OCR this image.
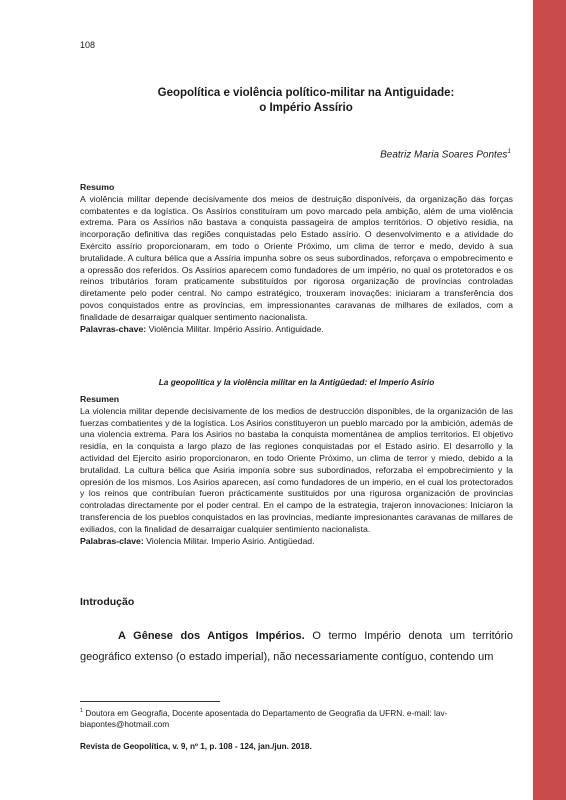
108
Geopolítica e violência político-militar na Antiguidade:
o Império Assírio
Beatriz Maria Soares Pontes$^1$
Resumo
A violência militar depende decisivamente dos meios de destruição disponíveis, da organização das forças combatentes e da logística. Os Assírios constituíram um povo marcado pela ambição, além de uma violência extrema. Para os Assírios não bastava a conquista passageira de amplos territórios. O objetivo residia, na incorporação definitiva das regiões conquistadas pelo Estado assírio. O desenvolvimento e a atividade do Exército assírio proporcionaram, em todo o Oriente Próximo, um clima de terror e medo, devido à sua brutalidade. A cultura bélica que a Assíria impunha sobre os seus subordinados, reforçava o empobrecimento e a opressão dos referidos. Os Assírios aparecem como fundadores de um império, no qual os protetorados e os reinos tributários foram praticamente substituídos por rigorosa organização de províncias controladas diretamente pelo poder central. No campo estratégico, trouxeram inovações: iniciaram a transferência dos povos conquistados entre as províncias, em impressionantes caravanas de milhares de exilados, com a finalidade de desarraigar qualquer sentimento nacionalista.
Palavras-chave: Violência Militar. Império Assírio. Antiguidade.
La geopolitica y la violência militar en la Antigüedad: el Imperio Asirio
Resumen
La violencia militar depende decisivamente de los medios de destrucción disponibles, de la organización de las fuerzas combatientes y de la logística. Los Asirios constituyeron un pueblo marcado por la ambición, además de una violencia extrema. Para los Asirios no bastaba la conquista momentánea de amplios territorios. El objetivo residía, en la conquista a largo plazo de las regiones conquistadas por el Estado asirio. El desarrollo y la actividad del Ejercito asirio proporcionaron, en todo Oriente Próximo, un clima de terror y miedo, debido a la brutalidad. La cultura bélica que Asiria imponía sobre sus subordinados, reforzaba el empobrecimiento y la opresión de los mismos. Los Asirios aparecen, así como fundadores de un imperio, en el cual los protectorados y los reinos que contribuían fueron prácticamente sustituidos por una rigurosa organización de provincias controladas directamente por el poder central. En el campo de la estrategia, trajeron innovaciones: Iniciaron la transferencia de los pueblos conquistados en las provincias, mediante impresionantes caravanas de millares de exiliados, con la finalidad de desarraigar cualquier sentimiento nacionalista.
Palabras-clave: Violencia Militar. Imperio Asirio. Antigüedad.
Introdução
A Gênese dos Antigos Impérios. O termo Império denota um território geográfico extenso (o estado imperial), não necessariamente contíguo, contendo um
$^1$ Doutora em Geografia, Docente aposentada do Departamento de Geografia da UFRN. e-mail: lav-biapontes@hotmail.com
Revista de Geopolítica, v. 9, nº 1, p. 108 - 124, jan./jun. 2018.
